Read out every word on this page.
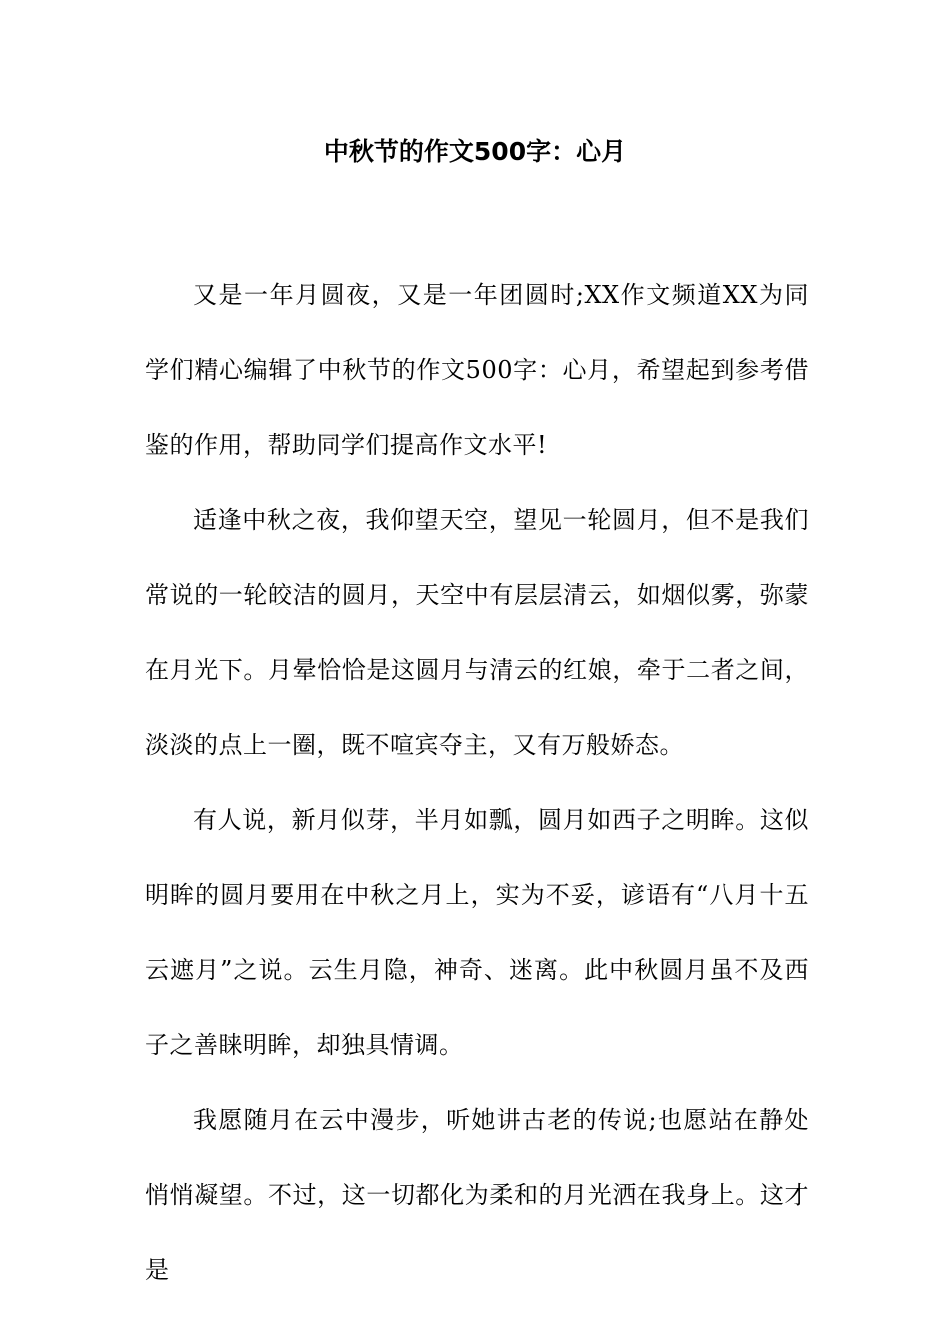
中秋节的作文500字：心月

又是一年月圆夜，又是一年团圆时;XX作文频道XX为同学们精心编辑了中秋节的作文500字：心月，希望起到参考借鉴的作用，帮助同学们提高作文水平!

适逢中秋之夜，我仰望天空，望见一轮圆月，但不是我们常说的一轮皎洁的圆月，天空中有层层清云，如烟似雾，弥蒙在月光下。月晕恰恰是这圆月与清云的红娘，牵于二者之间，淡淡的点上一圈，既不喧宾夺主，又有万般娇态。

有人说，新月似芽，半月如瓢，圆月如西子之明眸。这似明眸的圆月要用在中秋之月上，实为不妥，谚语有“八月十五云遮月”之说。云生月隐，神奇、迷离。此中秋圆月虽不及西子之善睐明眸，却独具情调。

我愿随月在云中漫步，听她讲古老的传说;也愿站在静处悄悄凝望。不过，这一切都化为柔和的月光洒在我身上。这才是
